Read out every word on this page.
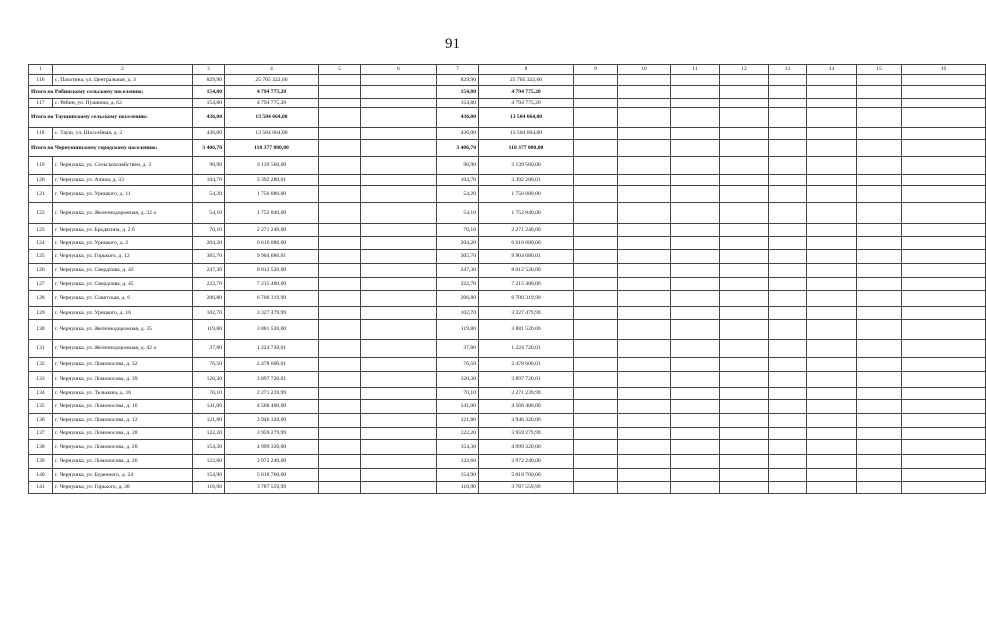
91
1	2	3	4	5	6	7	8	9	10	11	12	13	14	15	16
116	с. Пахотина, ул. Центральная, д. 3	829,90	25 705 322,60			829,90	25 705 322,60								
Итого по Рябинскому сельскому поселению:		154,80	4 794 775,20			154,80	4 794 775,20								
117	с. Рябин, ул. Пушкина, д. 62	154,80	4 794 775,20			154,80	4 794 775,20								
Итого по Таушинскому сельскому поселению:		436,00	13 504 664,00			436,00	13 504 664,00								
118	с. Тауш, ул. Шоссейная, д. 2	436,00	13 504 664,00			436,00	13 504 664,00								
Итого по Чернушинскому городскому поселению:		3 406,70	110 377 080,00			3 406,70	110 377 080,00								
119	г. Чернушка, ул. Сельскохозяйствен, д. 3	96,90	3 139 560,00			96,90	3 139 560,00								
120	г. Чернушка, ул. Ачина, д. 33	104,70	3 392 280,01			104,70	3 392 280,01								
121	г. Чернушка, ул. Урицкого, д. 11	54,20	1 756 080,00			54,20	1 756 080,00								
122	г. Чернушка, ул. Железнодорожная, д. 32 а	54,10	1 752 840,00			54,10	1 752 840,00								
123	г. Чернушка, ул. Бродягина, д. 2 б	70,10	2 271 240,00			70,10	2 271 240,00								
124	г. Чернушка, ул. Урицкого, д. 2	204,20	6 616 080,00			204,20	6 616 080,00								
125	г. Чернушка, ул. Горького, д. 12	305,70	9 904 680,01			305,70	9 904 680,01								
126	г. Чернушка, ул. Свердлова, д. 43	247,30	8 012 520,00			247,30	8 012 520,00								
127	г. Чернушка, ул. Свердлова, д. 45	222,70	7 215 480,00			222,70	7 215 480,00								
128	г. Чернушка, ул. Советская, д. 6	206,80	6 700 319,99			206,80	6 700 319,99								
129	г. Чернушка, ул. Урицкого, д. 16	102,70	3 327 479,99			102,70	3 327 479,99								
130	г. Чернушка, ул. Железнодорожная, д. 35	119,80	3 881 520,00			119,80	3 881 520,00								
131	г. Чернушка, ул. Железнодорожная, д. 42 а	37,80	1 224 720,01			37,80	1 224 720,01								
132	г. Чернушка, ул. Ломоносова, д. 32	76,50	2 478 600,01			76,50	2 478 600,01								
133	г. Чернушка, ул. Ломоносова, д. 39	120,30	3 897 720,01			120,30	3 897 720,01								
134	г. Чернушка, ул. Тельмана, д. 16	70,10	2 271 239,99			70,10	2 271 239,99								
135	г. Чернушка, ул. Ломоносова, д. 16	141,00	4 568 400,00			141,00	4 568 400,00								
136	г. Чернушка, ул. Ломоносова, д. 12	121,80	3 946 320,00			121,80	3 946 320,00								
137	г. Чернушка, ул. Ломоносова, д. 28	122,20	3 959 279,99			122,20	3 959 279,99								
138	г. Чернушка, ул. Ломоносова, д. 20	154,30	4 999 320,00			154,30	4 999 320,00								
139	г. Чернушка, ул. Ломоносова, д. 26	122,60	3 972 240,00			122,60	3 972 240,00								
140	г. Чернушка, ул. Буденного, д. 24	154,90	5 018 760,00			154,90	5 018 760,00								
141	г. Чернушка, ул. Горького, д. 38	116,90	3 787 559,99			116,90	3 787 559,99								
